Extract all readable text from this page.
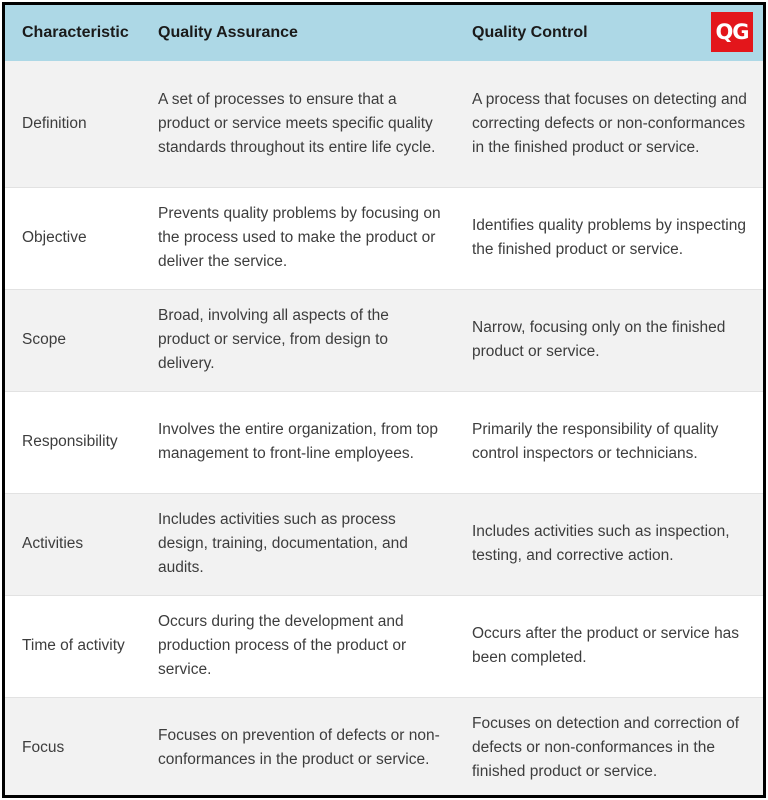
Characteristic	Quality Assurance	Quality Control QG

Definition	A set of processes to ensure that a product or service meets specific quality standards throughout its entire life cycle.	A process that focuses on detecting and correcting defects or non-conformances in the finished product or service.
Objective	Prevents quality problems by focusing on the process used to make the product or deliver the service.	Identifies quality problems by inspecting the finished product or service.
Scope	Broad, involving all aspects of the product or service, from design to delivery.	Narrow, focusing only on the finished product or service.
Responsibility	Involves the entire organization, from top management to front-line employees.	Primarily the responsibility of quality control inspectors or technicians.
Activities	Includes activities such as process design, training, documentation, and audits.	Includes activities such as inspection, testing, and corrective action.
Time of activity	Occurs during the development and production process of the product or service.	Occurs after the product or service has been completed.
Focus	Focuses on prevention of defects or non-conformances in the product or service.	Focuses on detection and correction of defects or non-conformances in the finished product or service.
